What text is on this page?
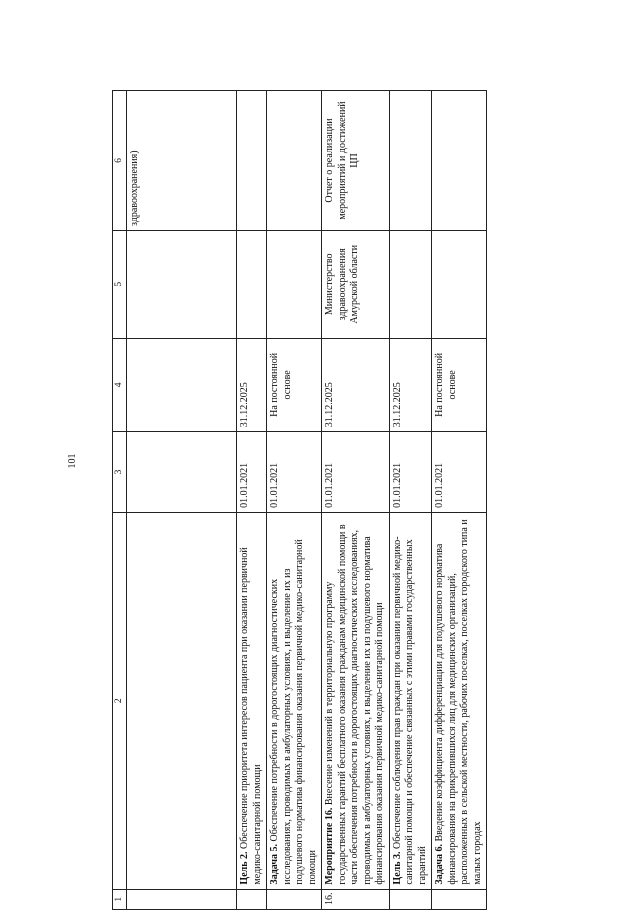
101
1	2	3	4	5	6
					здравоохранения)
	Цель 2. Обеспечение приоритета интересов пациента при оказании первичной медико-санитарной помощи	01.01.2021	31.12.2025		
	Задача 5. Обеспечение потребности в дорогостоящих диагностических исследованиях, проводимых в амбулаторных условиях, и выделение их из подушевого норматива финансирования оказания первичной медико-санитарной помощи	01.01.2021	На постоянной основе		
16.	Мероприятие 16. Внесение изменений в территориальную программу государственных гарантий бесплатного оказания гражданам медицинской помощи в части обеспечения потребности в дорогостоящих диагностических исследованиях, проводимых в амбулаторных условиях, и выделение их из подушевого норматива финансирования оказания первичной медико-санитарной помощи	01.01.2021	31.12.2025	Министерство здравоохранения Амурской области	Отчет о реализации мероприятий и достижений ЦП
	Цель 3. Обеспечение соблюдения прав граждан при оказании первичной медико-санитарной помощи и обеспечение связанных с этими правами государственных гарантий	01.01.2021	31.12.2025		
	Задача 6. Введение коэффициента дифференциации для подушевого норматива финансирования на прикрепившихся лиц для медицинских организаций, расположенных в сельской местности, рабочих поселках, поселках городского типа и малых городах	01.01.2021	На постоянной основе		
